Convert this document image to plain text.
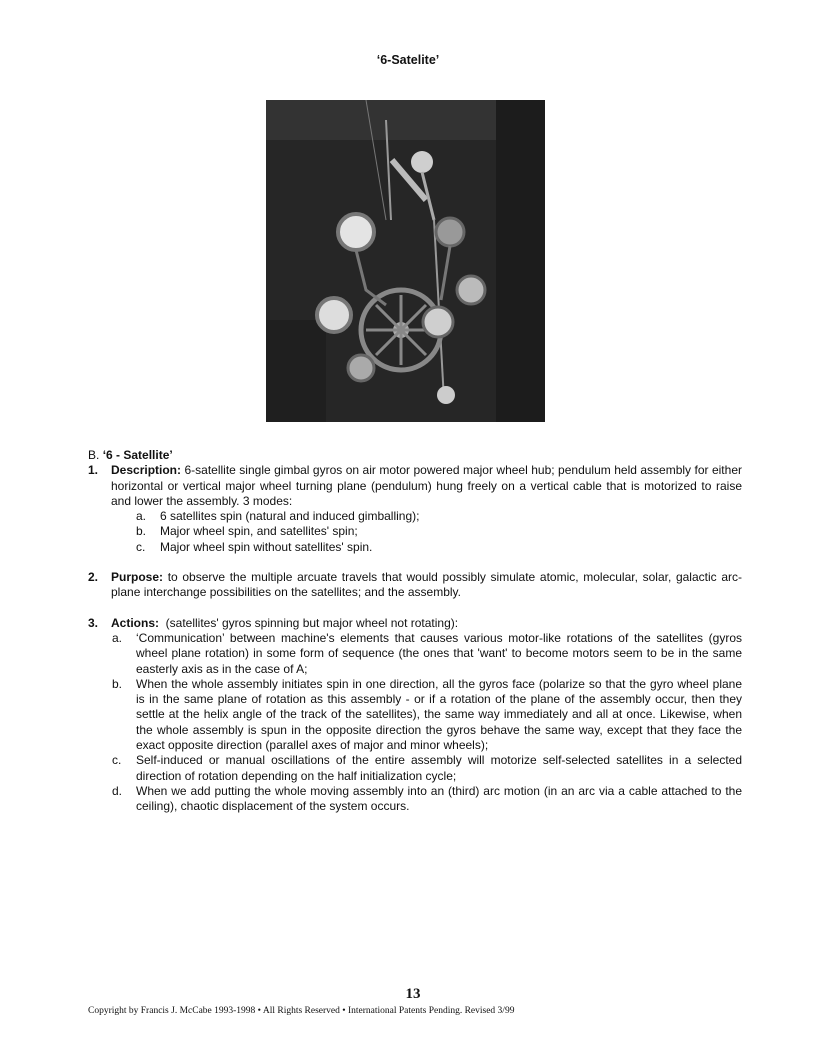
‘6-Satelite’

B. ‘6 - Satellite’

1. Description: 6-satellite single gimbal gyros on air motor powered major wheel hub; pendulum held assembly for either horizontal or vertical major wheel turning plane (pendulum) hung freely on a vertical cable that is motorized to raise and lower the assembly. 3 modes:

a. 6 satellites spin (natural and induced gimballing);

b. Major wheel spin, and satellites' spin;

c. Major wheel spin without satellites' spin.

2. Purpose: to observe the multiple arcuate travels that would possibly simulate atomic, molecular, solar, galactic arc-plane interchange possibilities on the satellites; and the assembly.

3. Actions: (satellites' gyros spinning but major wheel not rotating):

a. ‘Communication’ between machine's elements that causes various motor-like rotations of the satellites (gyros wheel plane rotation) in some form of sequence (the ones that 'want' to become motors seem to be in the same easterly axis as in the case of A;

b. When the whole assembly initiates spin in one direction, all the gyros face (polarize so that the gyro wheel plane is in the same plane of rotation as this assembly - or if a rotation of the plane of the assembly occur, then they settle at the helix angle of the track of the satellites), the same way immediately and all at once. Likewise, when the whole assembly is spun in the opposite direction the gyros behave the same way, except that they face the exact opposite direction (parallel axes of major and minor wheels);

c. Self-induced or manual oscillations of the entire assembly will motorize self-selected satellites in a selected direction of rotation depending on the half initialization cycle;

d. When we add putting the whole moving assembly into an (third) arc motion (in an arc via a cable attached to the ceiling), chaotic displacement of the system occurs.

13
Copyright by Francis J. McCabe 1993-1998 • All Rights Reserved • International Patents Pending. Revised 3/99
